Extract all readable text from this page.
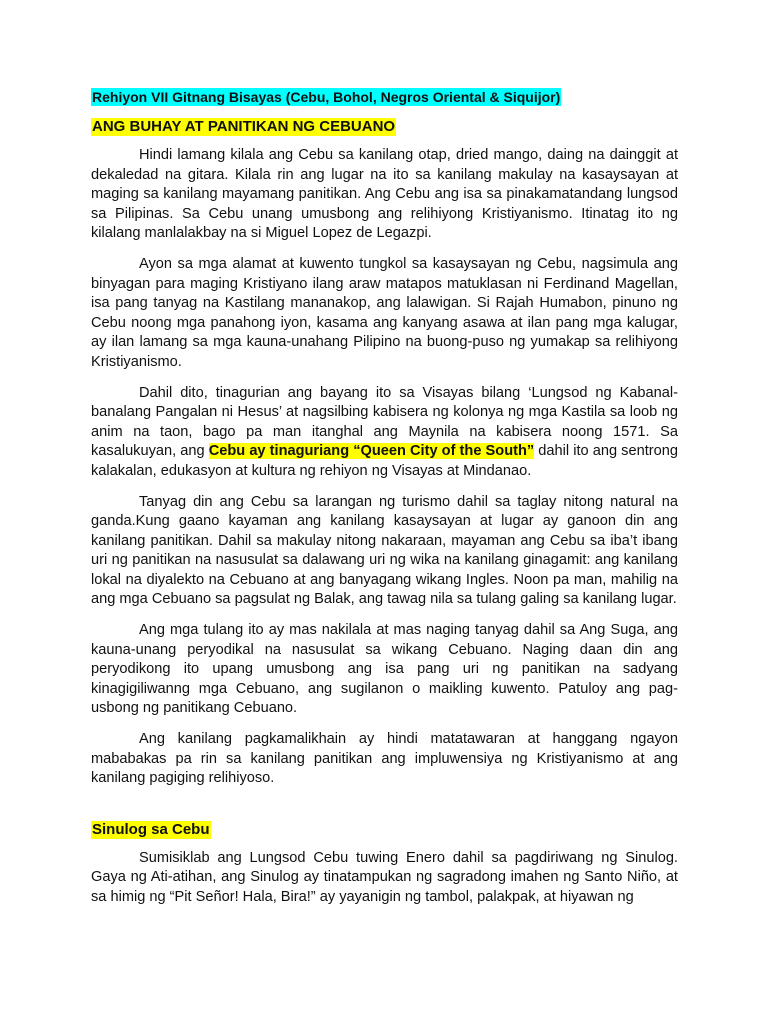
Rehiyon VII Gitnang Bisayas (Cebu, Bohol, Negros Oriental & Siquijor)
ANG BUHAY AT PANITIKAN NG CEBUANO

Hindi lamang kilala ang Cebu sa kanilang otap, dried mango, daing na dainggit at dekaledad na gitara. Kilala rin ang lugar na ito sa kanilang makulay na kasaysayan at maging sa kanilang mayamang panitikan. Ang Cebu ang isa sa pinakamatandang lungsod sa Pilipinas. Sa Cebu unang umusbong ang relihiyong Kristiyanismo. Itinatag ito ng kilalang manlalakbay na si Miguel Lopez de Legazpi.

Ayon sa mga alamat at kuwento tungkol sa kasaysayan ng Cebu, nagsimula ang binyagan para maging Kristiyano ilang araw matapos matuklasan ni Ferdinand Magellan, isa pang tanyag na Kastilang mananakop, ang lalawigan. Si Rajah Humabon, pinuno ng Cebu noong mga panahong iyon, kasama ang kanyang asawa at ilan pang mga kalugar, ay ilan lamang sa mga kauna-unahang Pilipino na buong-puso ng yumakap sa relihiyong Kristiyanismo.

Dahil dito, tinagurian ang bayang ito sa Visayas bilang ‘Lungsod ng Kabanal-banalang Pangalan ni Hesus’ at nagsilbing kabisera ng kolonya ng mga Kastila sa loob ng anim na taon, bago pa man itanghal ang Maynila na kabisera noong 1571. Sa kasalukuyan, ang Cebu ay tinaguriang “Queen City of the South” dahil ito ang sentrong kalakalan, edukasyon at kultura ng rehiyon ng Visayas at Mindanao.

Tanyag din ang Cebu sa larangan ng turismo dahil sa taglay nitong natural na ganda.Kung gaano kayaman ang kanilang kasaysayan at lugar ay ganoon din ang kanilang panitikan. Dahil sa makulay nitong nakaraan, mayaman ang Cebu sa iba’t ibang uri ng panitikan na nasusulat sa dalawang uri ng wika na kanilang ginagamit: ang kanilang lokal na diyalekto na Cebuano at ang banyagang wikang Ingles. Noon pa man, mahilig na ang mga Cebuano sa pagsulat ng Balak, ang tawag nila sa tulang galing sa kanilang lugar.

Ang mga tulang ito ay mas nakilala at mas naging tanyag dahil sa Ang Suga, ang kauna-unang peryodikal na nasusulat sa wikang Cebuano. Naging daan din ang peryodikong ito upang umusbong ang isa pang uri ng panitikan na sadyang kinagigiliwanng mga Cebuano, ang sugilanon o maikling kuwento. Patuloy ang pag-usbong ng panitikang Cebuano.

Ang kanilang pagkamalikhain ay hindi matatawaran at hanggang ngayon mababakas pa rin sa kanilang panitikan ang impluwensiya ng Kristiyanismo at ang kanilang pagiging relihiyoso.

Sinulog sa Cebu

Sumisiklab ang Lungsod Cebu tuwing Enero dahil sa pagdiriwang ng Sinulog. Gaya ng Ati-atihan, ang Sinulog ay tinatampukan ng sagradong imahen ng Santo Niño, at sa himig ng “Pit Señor! Hala, Bira!” ay yayanigin ng tambol, palakpak, at hiyawan ng
